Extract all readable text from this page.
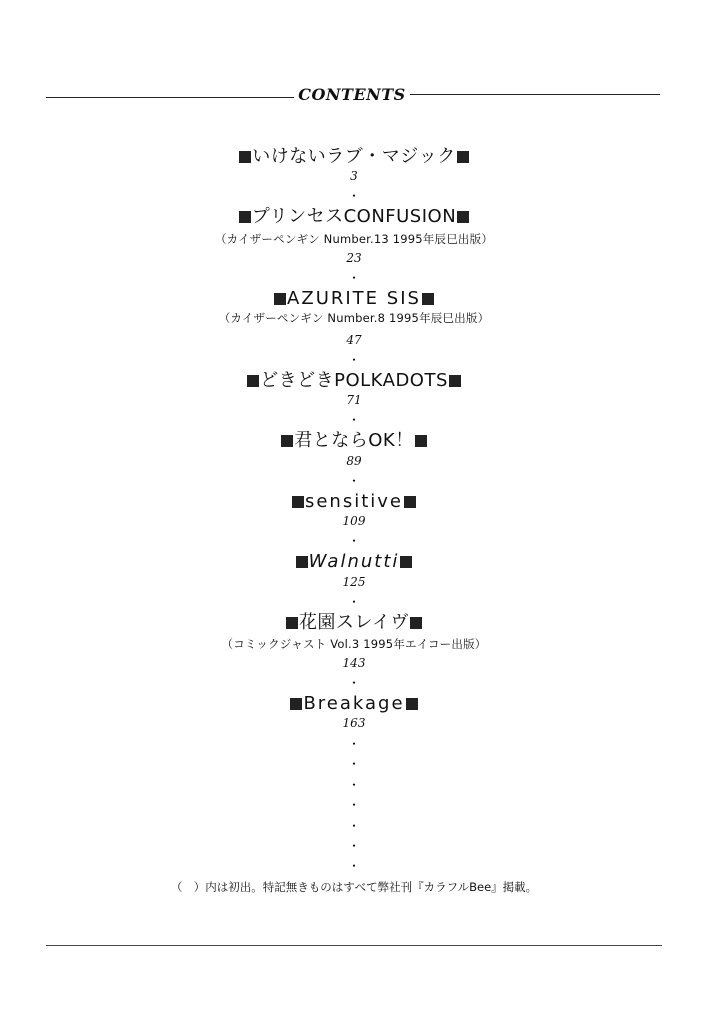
CONTENTS
いけないラブ・マジック
3
・
プリンセスCONFUSION
（カイザーペンギン Number.13 1995年辰巳出版）
23
・
AZURITE SIS
（カイザーペンギン Number.8 1995年辰巳出版）
47
・
どきどきPOLKADOTS
71
・
君とならOK！
89
・
sensitive
109
・
Walnutti
125
・
花園スレイヴ
（コミックジャスト Vol.3 1995年エイコー出版）
143
・
Breakage
163
・
・
・
・
・
・
・
（　）内は初出。特記無きものはすべて弊社刊『カラフルBee』掲載。
